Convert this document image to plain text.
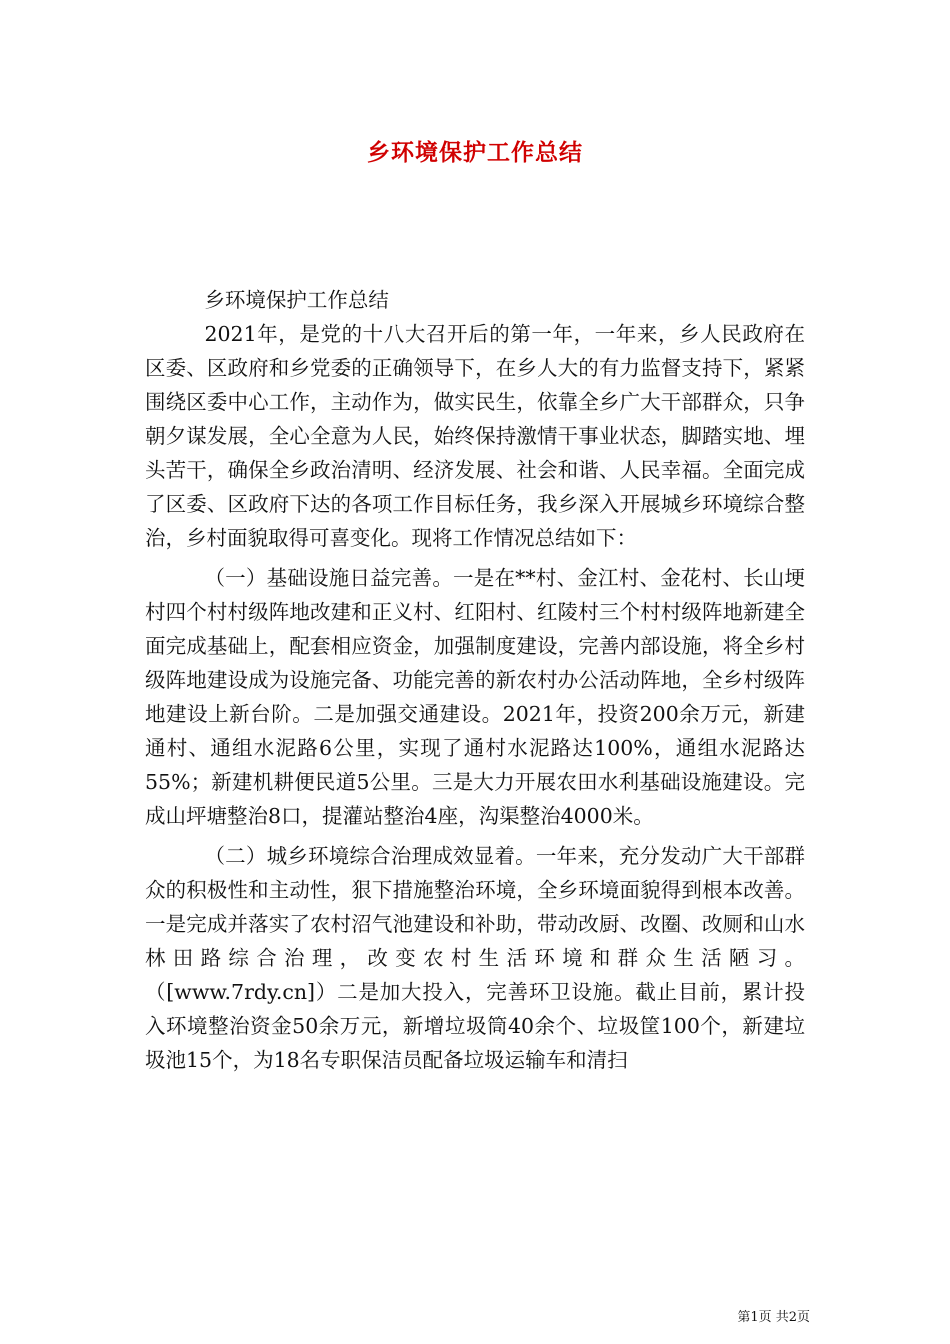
乡环境保护工作总结

乡环境保护工作总结

2021年，是党的十八大召开后的第一年，一年来，乡人民政府在区委、区政府和乡党委的正确领导下，在乡人大的有力监督支持下，紧紧围绕区委中心工作，主动作为，做实民生，依靠全乡广大干部群众，只争朝夕谋发展，全心全意为人民，始终保持激情干事业状态，脚踏实地、埋头苦干，确保全乡政治清明、经济发展、社会和谐、人民幸福。全面完成了区委、区政府下达的各项工作目标任务，我乡深入开展城乡环境综合整治，乡村面貌取得可喜变化。现将工作情况总结如下：

（一）基础设施日益完善。一是在**村、金江村、金花村、长山埂村四个村村级阵地改建和正义村、红阳村、红陵村三个村村级阵地新建全面完成基础上，配套相应资金，加强制度建设，完善内部设施，将全乡村级阵地建设成为设施完备、功能完善的新农村办公活动阵地，全乡村级阵地建设上新台阶。二是加强交通建设。2021年，投资200余万元，新建通村、通组水泥路6公里，实现了通村水泥路达100%，通组水泥路达55%；新建机耕便民道5公里。三是大力开展农田水利基础设施建设。完成山坪塘整治8口，提灌站整治4座，沟渠整治4000米。

（二）城乡环境综合治理成效显着。一年来，充分发动广大干部群众的积极性和主动性，狠下措施整治环境，全乡环境面貌得到根本改善。一是完成并落实了农村沼气池建设和补助，带动改厨、改圈、改厕和山水林田路综合治理，改变农村生活环境和群众生活陋习。（[www.7rdy.cn]）二是加大投入，完善环卫设施。截止目前，累计投入环境整治资金50余万元，新增垃圾筒40余个、垃圾筐100个，新建垃圾池15个，为18名专职保洁员配备垃圾运输车和清扫

第1页 共2页
